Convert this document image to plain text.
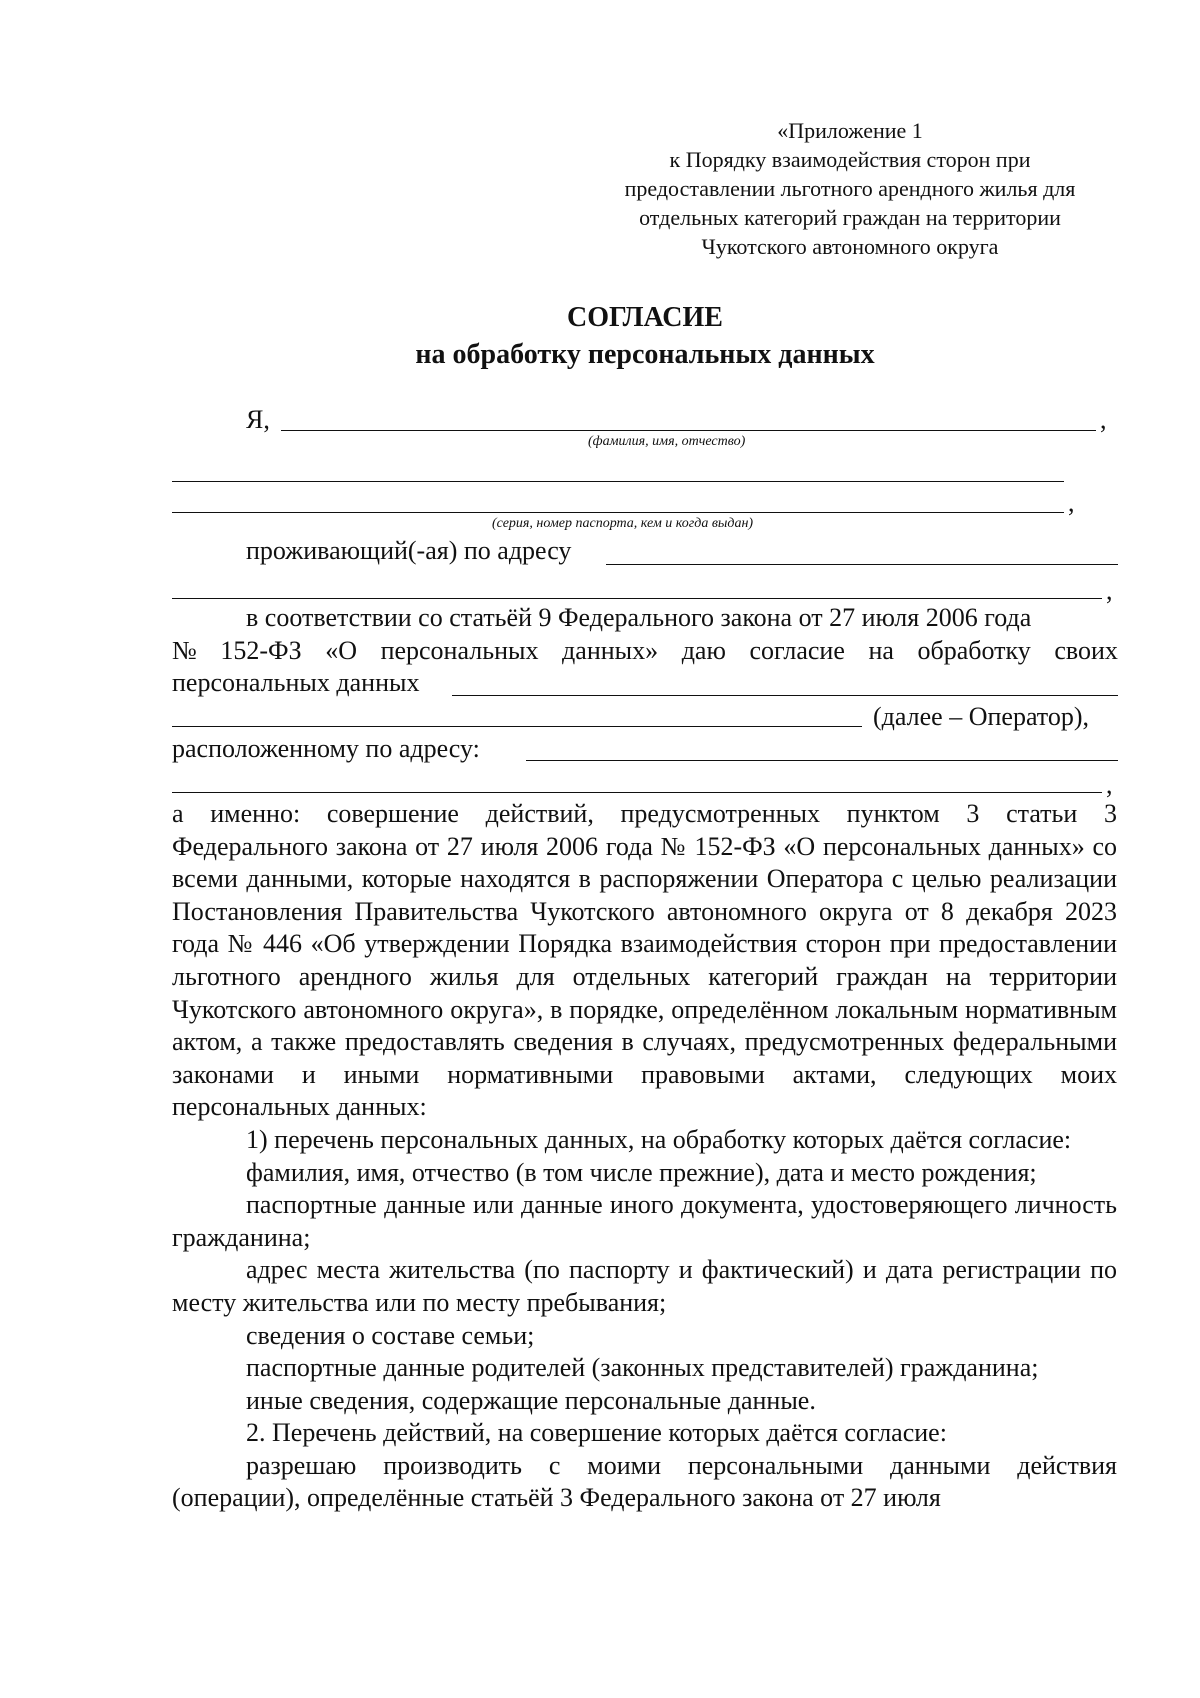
«Приложение 1
к Порядку взаимодействия сторон при
предоставлении льготного арендного жилья для
отдельных категорий граждан на территории
Чукотского автономного округа
СОГЛАСИЕ
на обработку персональных данных
Я,	,
(фамилия, имя, отчество)
,
(серия, номер паспорта, кем и когда выдан)
проживающий(-ая) по адресу
,
в соответствии со статьёй 9 Федерального закона от 27 июля 2006 года
№ 152-ФЗ «О персональных данных» даю согласие на обработку своих
персональных данных
(далее – Оператор),
расположенному по адресу:
,

а именно: совершение действий, предусмотренных пунктом 3 статьи 3 Федерального закона от 27 июля 2006 года № 152-ФЗ «О персональных данных» со всеми данными, которые находятся в распоряжении Оператора с целью реализации Постановления Правительства Чукотского автономного округа от 8 декабря 2023 года № 446 «Об утверждении Порядка взаимодействия сторон при предоставлении льготного арендного жилья для отдельных категорий граждан на территории Чукотского автономного округа», в порядке, определённом локальным нормативным актом, а также предоставлять сведения в случаях, предусмотренных федеральными законами и иными нормативными правовыми актами, следующих моих персональных данных:

1) перечень персональных данных, на обработку которых даётся согласие:

фамилия, имя, отчество (в том числе прежние), дата и место рождения;

паспортные данные или данные иного документа, удостоверяющего личность гражданина;

адрес места жительства (по паспорту и фактический) и дата регистрации по месту жительства или по месту пребывания;

сведения о составе семьи;

паспортные данные родителей (законных представителей) гражданина;

иные сведения, содержащие персональные данные.

2. Перечень действий, на совершение которых даётся согласие:

разрешаю производить с моими персональными данными действия (операции), определённые статьёй 3 Федерального закона от 27 июля
